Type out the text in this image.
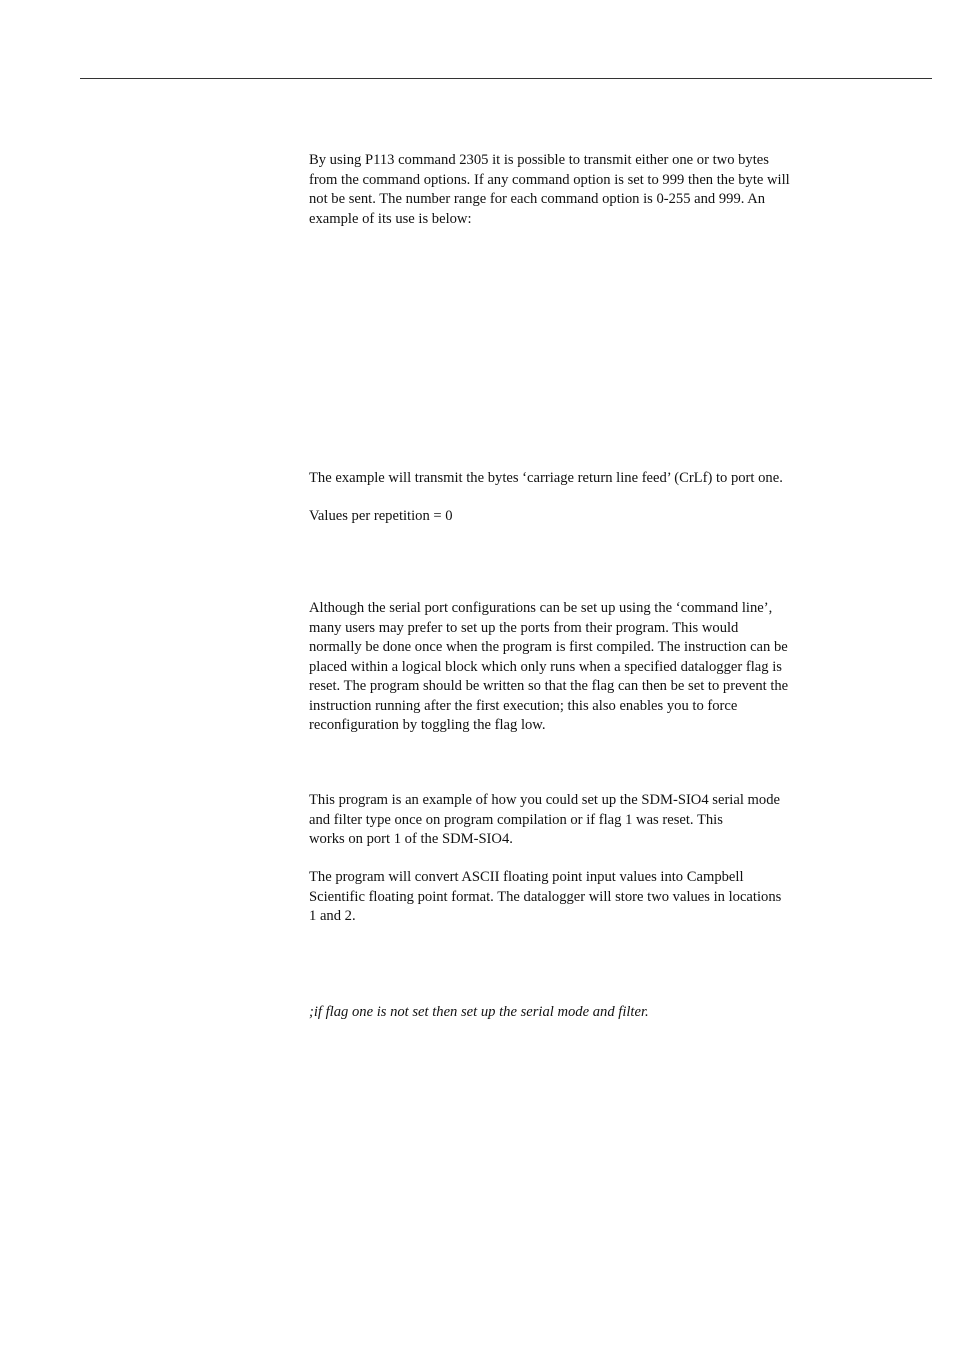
By using P113 command 2305 it is possible to transmit either one or two bytes
from the command options. If any command option is set to 999 then the byte will
not be sent. The number range for each command option is 0-255 and 999. An
example of its use is below:

The example will transmit the bytes ‘carriage return line feed’ (CrLf) to port one.

Values per repetition = 0

Although the serial port configurations can be set up using the ‘command line’,
many users may prefer to set up the ports from their program. This would
normally be done once when the program is first compiled. The instruction can be
placed within a logical block which only runs when a specified datalogger flag is
reset. The program should be written so that the flag can then be set to prevent the
instruction running after the first execution; this also enables you to force
reconfiguration by toggling the flag low.

This program is an example of how you could set up the SDM-SIO4 serial mode
and filter type once on program compilation or if flag 1 was reset. This
works on port 1 of the SDM-SIO4.

The program will convert ASCII floating point input values into Campbell
Scientific floating point format. The datalogger will store two values in locations
1 and 2.

;if flag one is not set then set up the serial mode and filter.
